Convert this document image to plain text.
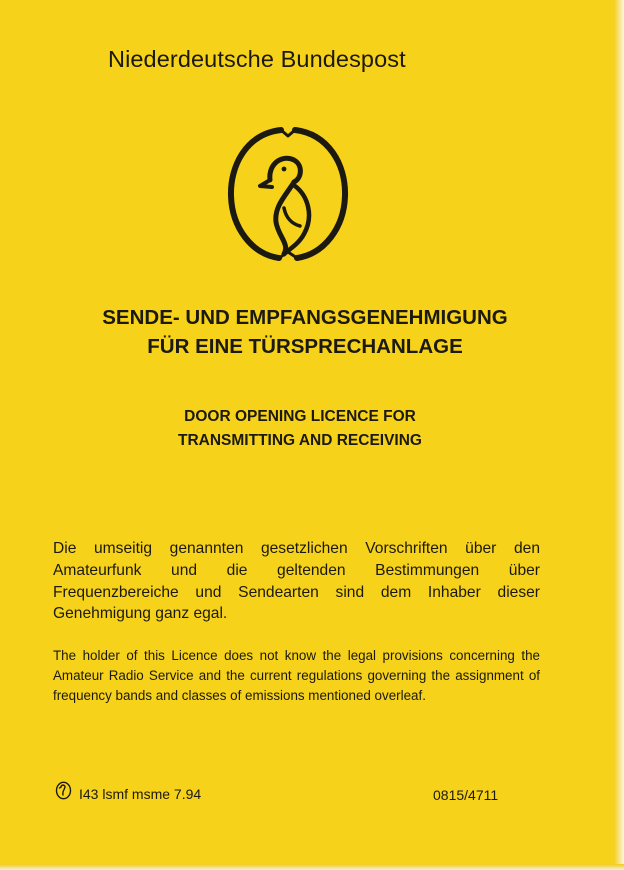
Niederdeutsche Bundespost
SENDE- UND EMPFANGSGENEHMIGUNG
FÜR EINE TÜRSPRECHANLAGE
DOOR OPENING LICENCE FOR
TRANSMITTING AND RECEIVING

Die umseitig genannten gesetzlichen Vorschriften über den Amateurfunk und die geltenden Bestimmungen über Frequenzbereiche und Sendearten sind dem Inhaber dieser Genehmigung ganz egal.

The holder of this Licence does not know the legal provisions concerning the Amateur Radio Service and the current regulations governing the assignment of frequency bands and classes of emissions mentioned overleaf.

I43 lsmf msme 7.94	0815/4711
